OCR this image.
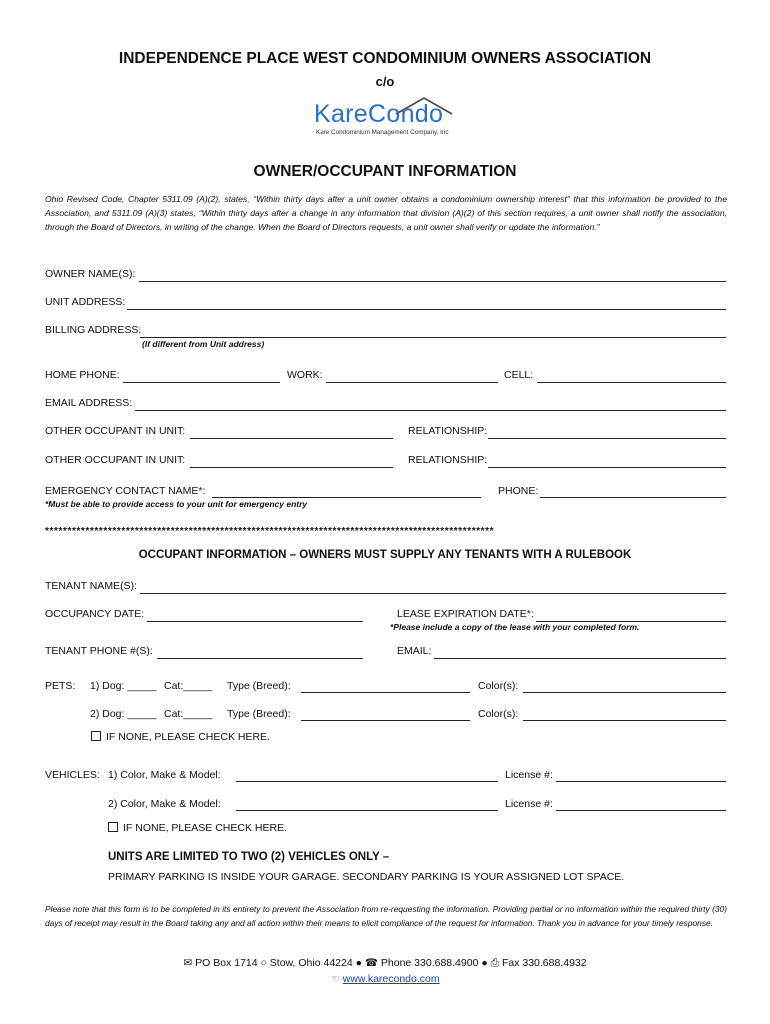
INDEPENDENCE PLACE WEST CONDOMINIUM OWNERS ASSOCIATION
c/o
KareCondo
Kare Condominium Management Company, Inc
OWNER/OCCUPANT INFORMATION
Ohio Revised Code, Chapter 5311.09 (A)(2), states, “Within thirty days after a unit owner obtains a condominium ownership interest” that this information be provided to the Association, and 5311.09 (A)(3) states, “Within thirty days after a change in any information that division (A)(2) of this section requires, a unit owner shall notify the association, through the Board of Directors, in writing of the change. When the Board of Directors requests, a unit owner shall verify or update the information.”
OWNER NAME(S):
UNIT ADDRESS:
BILLING ADDRESS:
(If different from Unit address)
HOME PHONE:	WORK:	CELL:
EMAIL ADDRESS:
OTHER OCCUPANT IN UNIT:	RELATIONSHIP:
OTHER OCCUPANT IN UNIT:	RELATIONSHIP:
EMERGENCY CONTACT NAME*:	PHONE:
*Must be able to provide access to your unit for emergency entry
****************************************************************************************************
OCCUPANT INFORMATION – OWNERS MUST SUPPLY ANY TENANTS WITH A RULEBOOK
TENANT NAME(S):
OCCUPANCY DATE:	LEASE EXPIRATION DATE*:
*Please include a copy of the lease with your completed form.
TENANT PHONE #(S):	EMAIL:
PETS: 1) Dog: _____ Cat:_____ Type (Breed):	Color(s):
2) Dog: _____ Cat:_____ Type (Breed):	Color(s):
IF NONE, PLEASE CHECK HERE.
VEHICLES: 1) Color, Make & Model:	License #:
2) Color, Make & Model:	License #:
IF NONE, PLEASE CHECK HERE.
UNITS ARE LIMITED TO TWO (2) VEHICLES ONLY –
PRIMARY PARKING IS INSIDE YOUR GARAGE. SECONDARY PARKING IS YOUR ASSIGNED LOT SPACE.
Please note that this form is to be completed in its entirety to prevent the Association from re-requesting the information. Providing partial or no information within the required thirty (30) days of receipt may result in the Board taking any and all action within their means to elicit compliance of the request for information. Thank you in advance for your timely response.
✉ PO Box 1714 ○ Stow, Ohio 44224 ● ☎ Phone 330.688.4900 ● ⎙ Fax 330.688.4932
☜ www.karecondo.com
